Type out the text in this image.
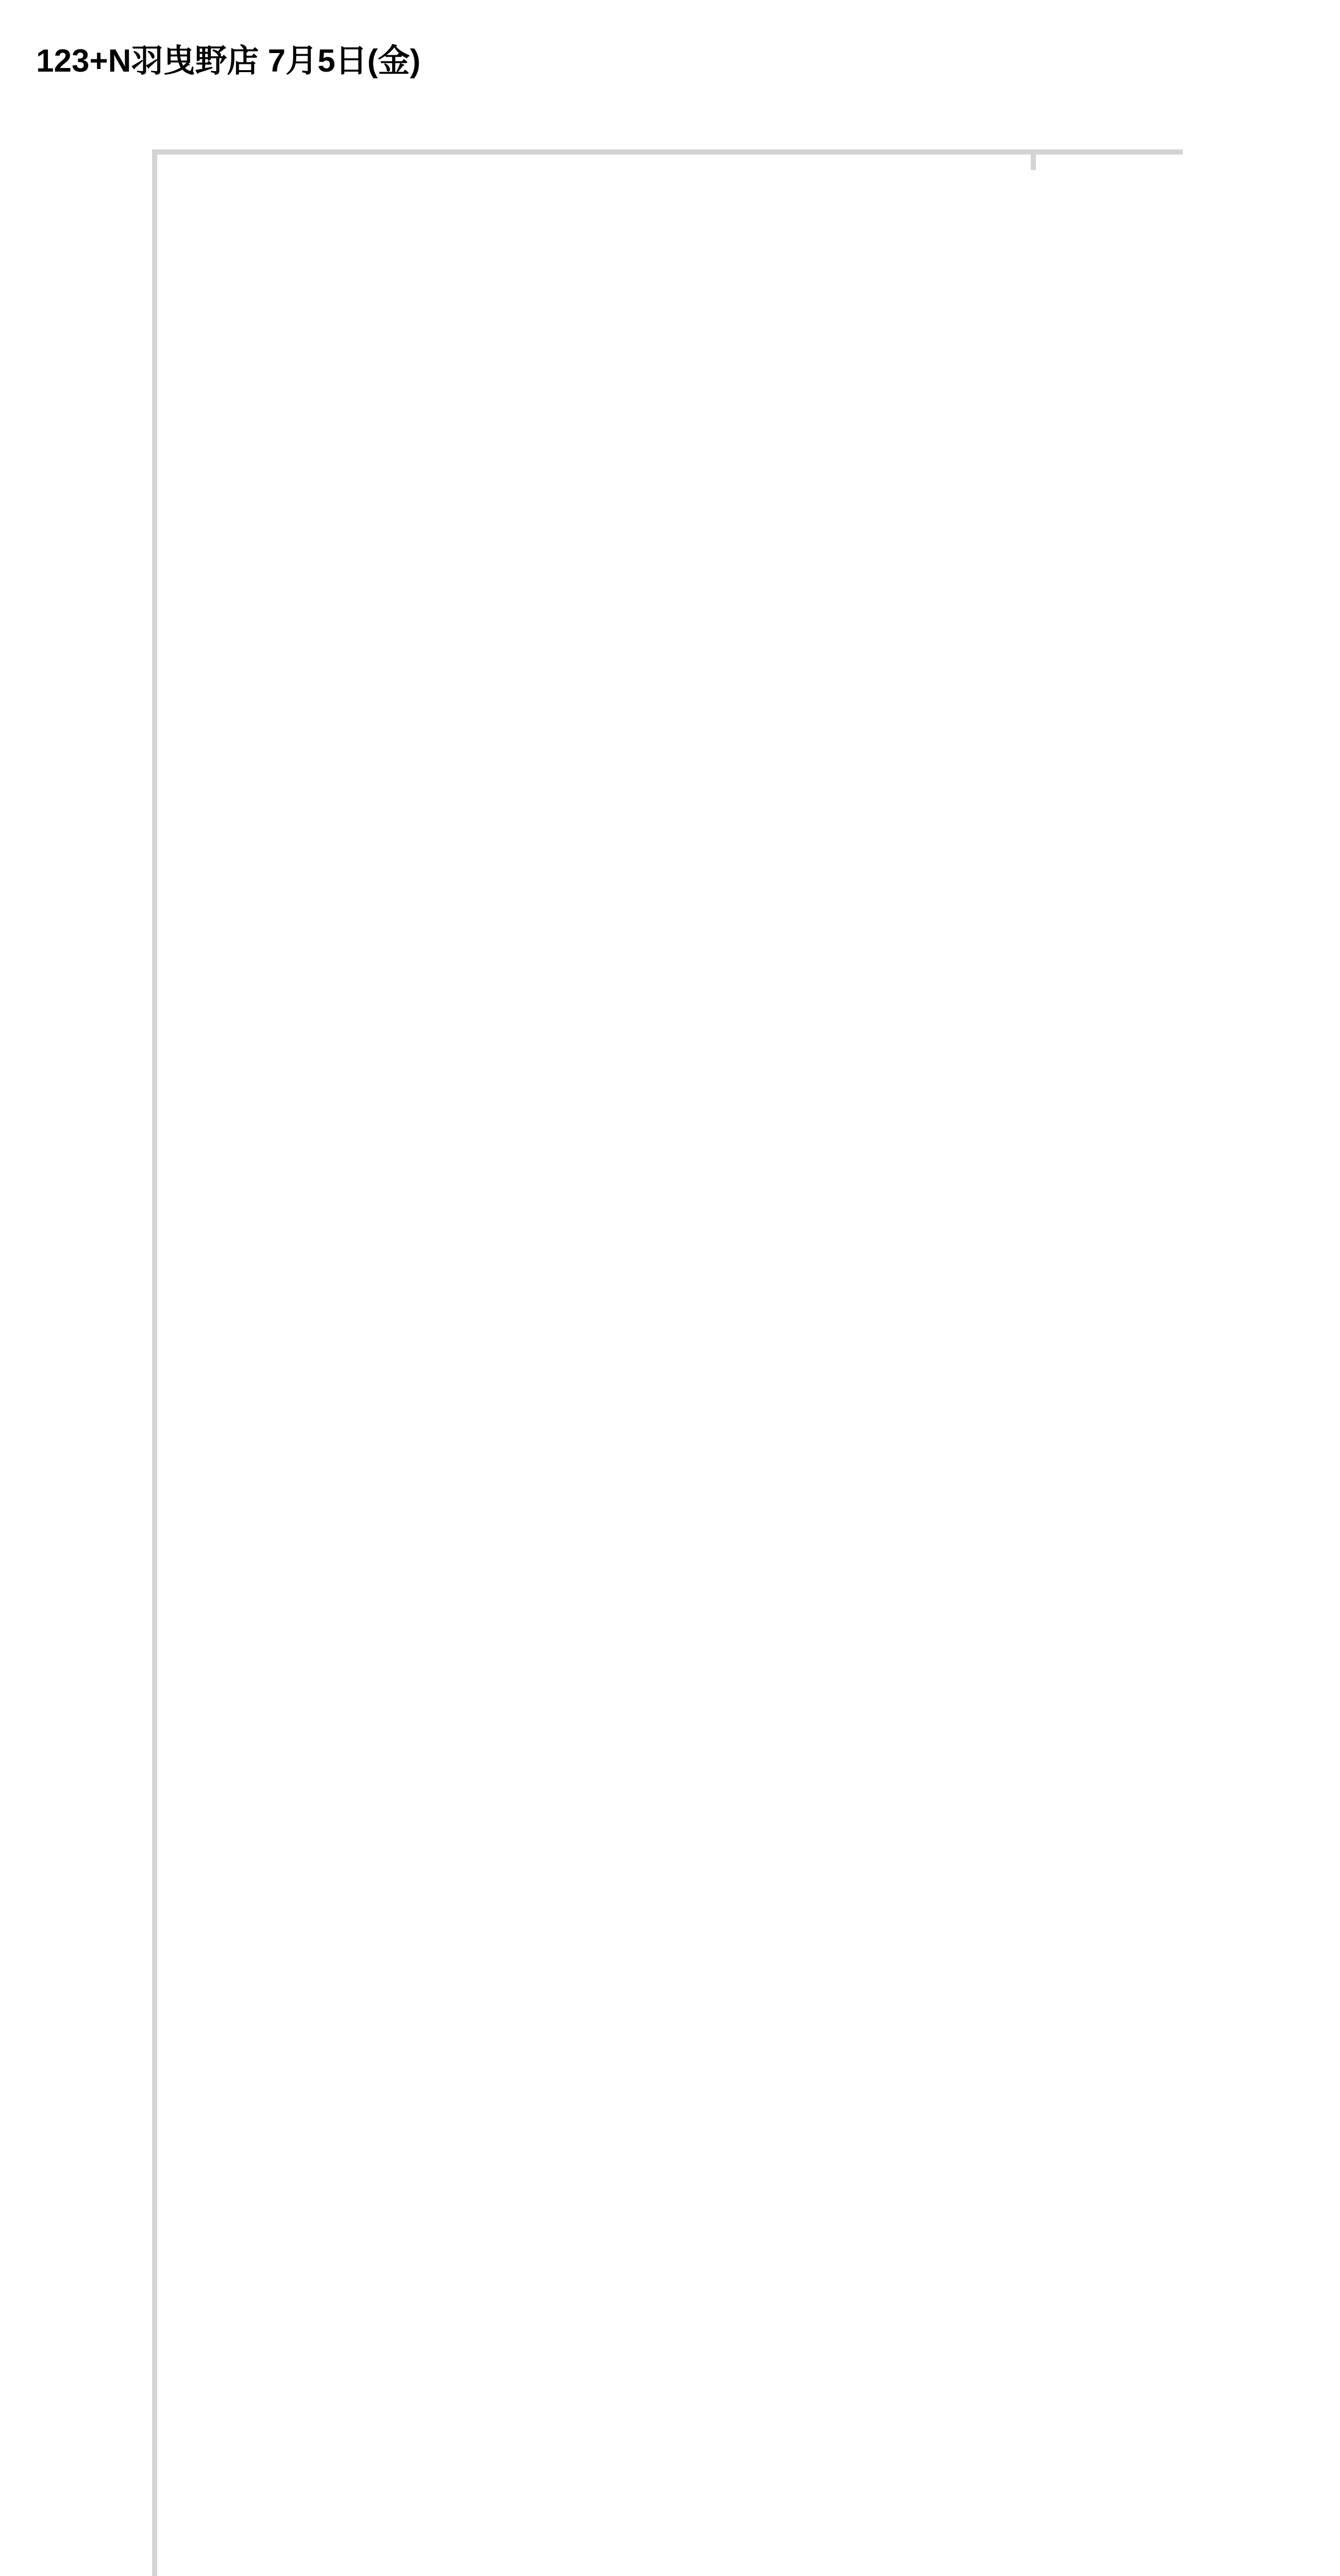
123+N羽曳野店 7月5日(金)
